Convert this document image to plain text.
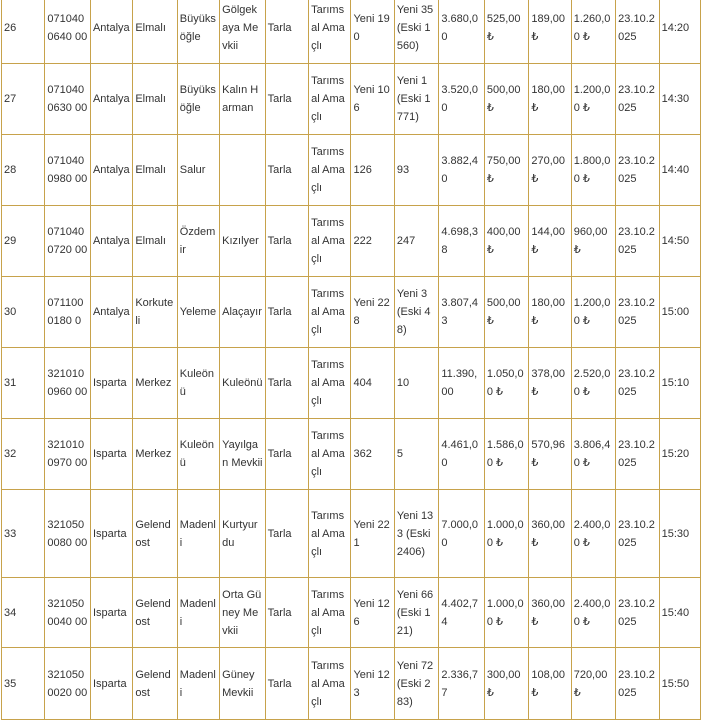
26	0710400640 00	Antalya	Elmalı	Büyüksöğle	Gölgekaya Mevkii	Tarla	Tarımsal Amaçlı	Yeni 190	Yeni 35 (Eski 1560)	3.680,00	525,00 ₺	189,00 ₺	1.260,00 ₺	23.10.2025	14:20

27	0710400630 00	Antalya	Elmalı	Büyüksöğle	Kalın Harman	Tarla	Tarımsal Amaçlı	Yeni 106	Yeni 1 (Eski 1771)	3.520,00	500,00 ₺	180,00 ₺	1.200,00 ₺	23.10.2025	14:30

28	0710400980 00	Antalya	Elmalı	Salur		Tarla	Tarımsal Amaçlı	126	93	3.882,40	750,00 ₺	270,00 ₺	1.800,00 ₺	23.10.2025	14:40

29	0710400720 00	Antalya	Elmalı	Özdemir	Kızılyer	Tarla	Tarımsal Amaçlı	222	247	4.698,38	400,00 ₺	144,00 ₺	960,00 ₺	23.10.2025	14:50

30	0711000180 0	Antalya	Korkuteli	Yeleme	Alaçayır	Tarla	Tarımsal Amaçlı	Yeni 228	Yeni 3 (Eski 48)	3.807,43	500,00 ₺	180,00 ₺	1.200,00 ₺	23.10.2025	15:00

31	3210100960 00	Isparta	Merkez	Kuleönü	Kuleönü	Tarla	Tarımsal Amaçlı	404	10	11.390,00	1.050,00 ₺	378,00 ₺	2.520,00 ₺	23.10.2025	15:10

32	3210100970 00	Isparta	Merkez	Kuleönü	Yayılgan Mevkii	Tarla	Tarımsal Amaçlı	362	5	4.461,00	1.586,00 ₺	570,96 ₺	3.806,40 ₺	23.10.2025	15:20

33	3210500080 00	Isparta	Gelendost	Madenli	Kurtyurdu	Tarla	Tarımsal Amaçlı	Yeni 221	Yeni 133 (Eski 2406)	7.000,00	1.000,00 ₺	360,00 ₺	2.400,00 ₺	23.10.2025	15:30

34	3210500040 00	Isparta	Gelendost	Madenli	Orta Güney Mevkii	Tarla	Tarımsal Amaçlı	Yeni 126	Yeni 66 (Eski 121)	4.402,74	1.000,00 ₺	360,00 ₺	2.400,00 ₺	23.10.2025	15:40

35	3210500020 00	Isparta	Gelendost	Madenli	Güney Mevkii	Tarla	Tarımsal Amaçlı	Yeni 123	Yeni 72 (Eski 283)	2.336,77	300,00 ₺	108,00 ₺	720,00 ₺	23.10.2025	15:50
